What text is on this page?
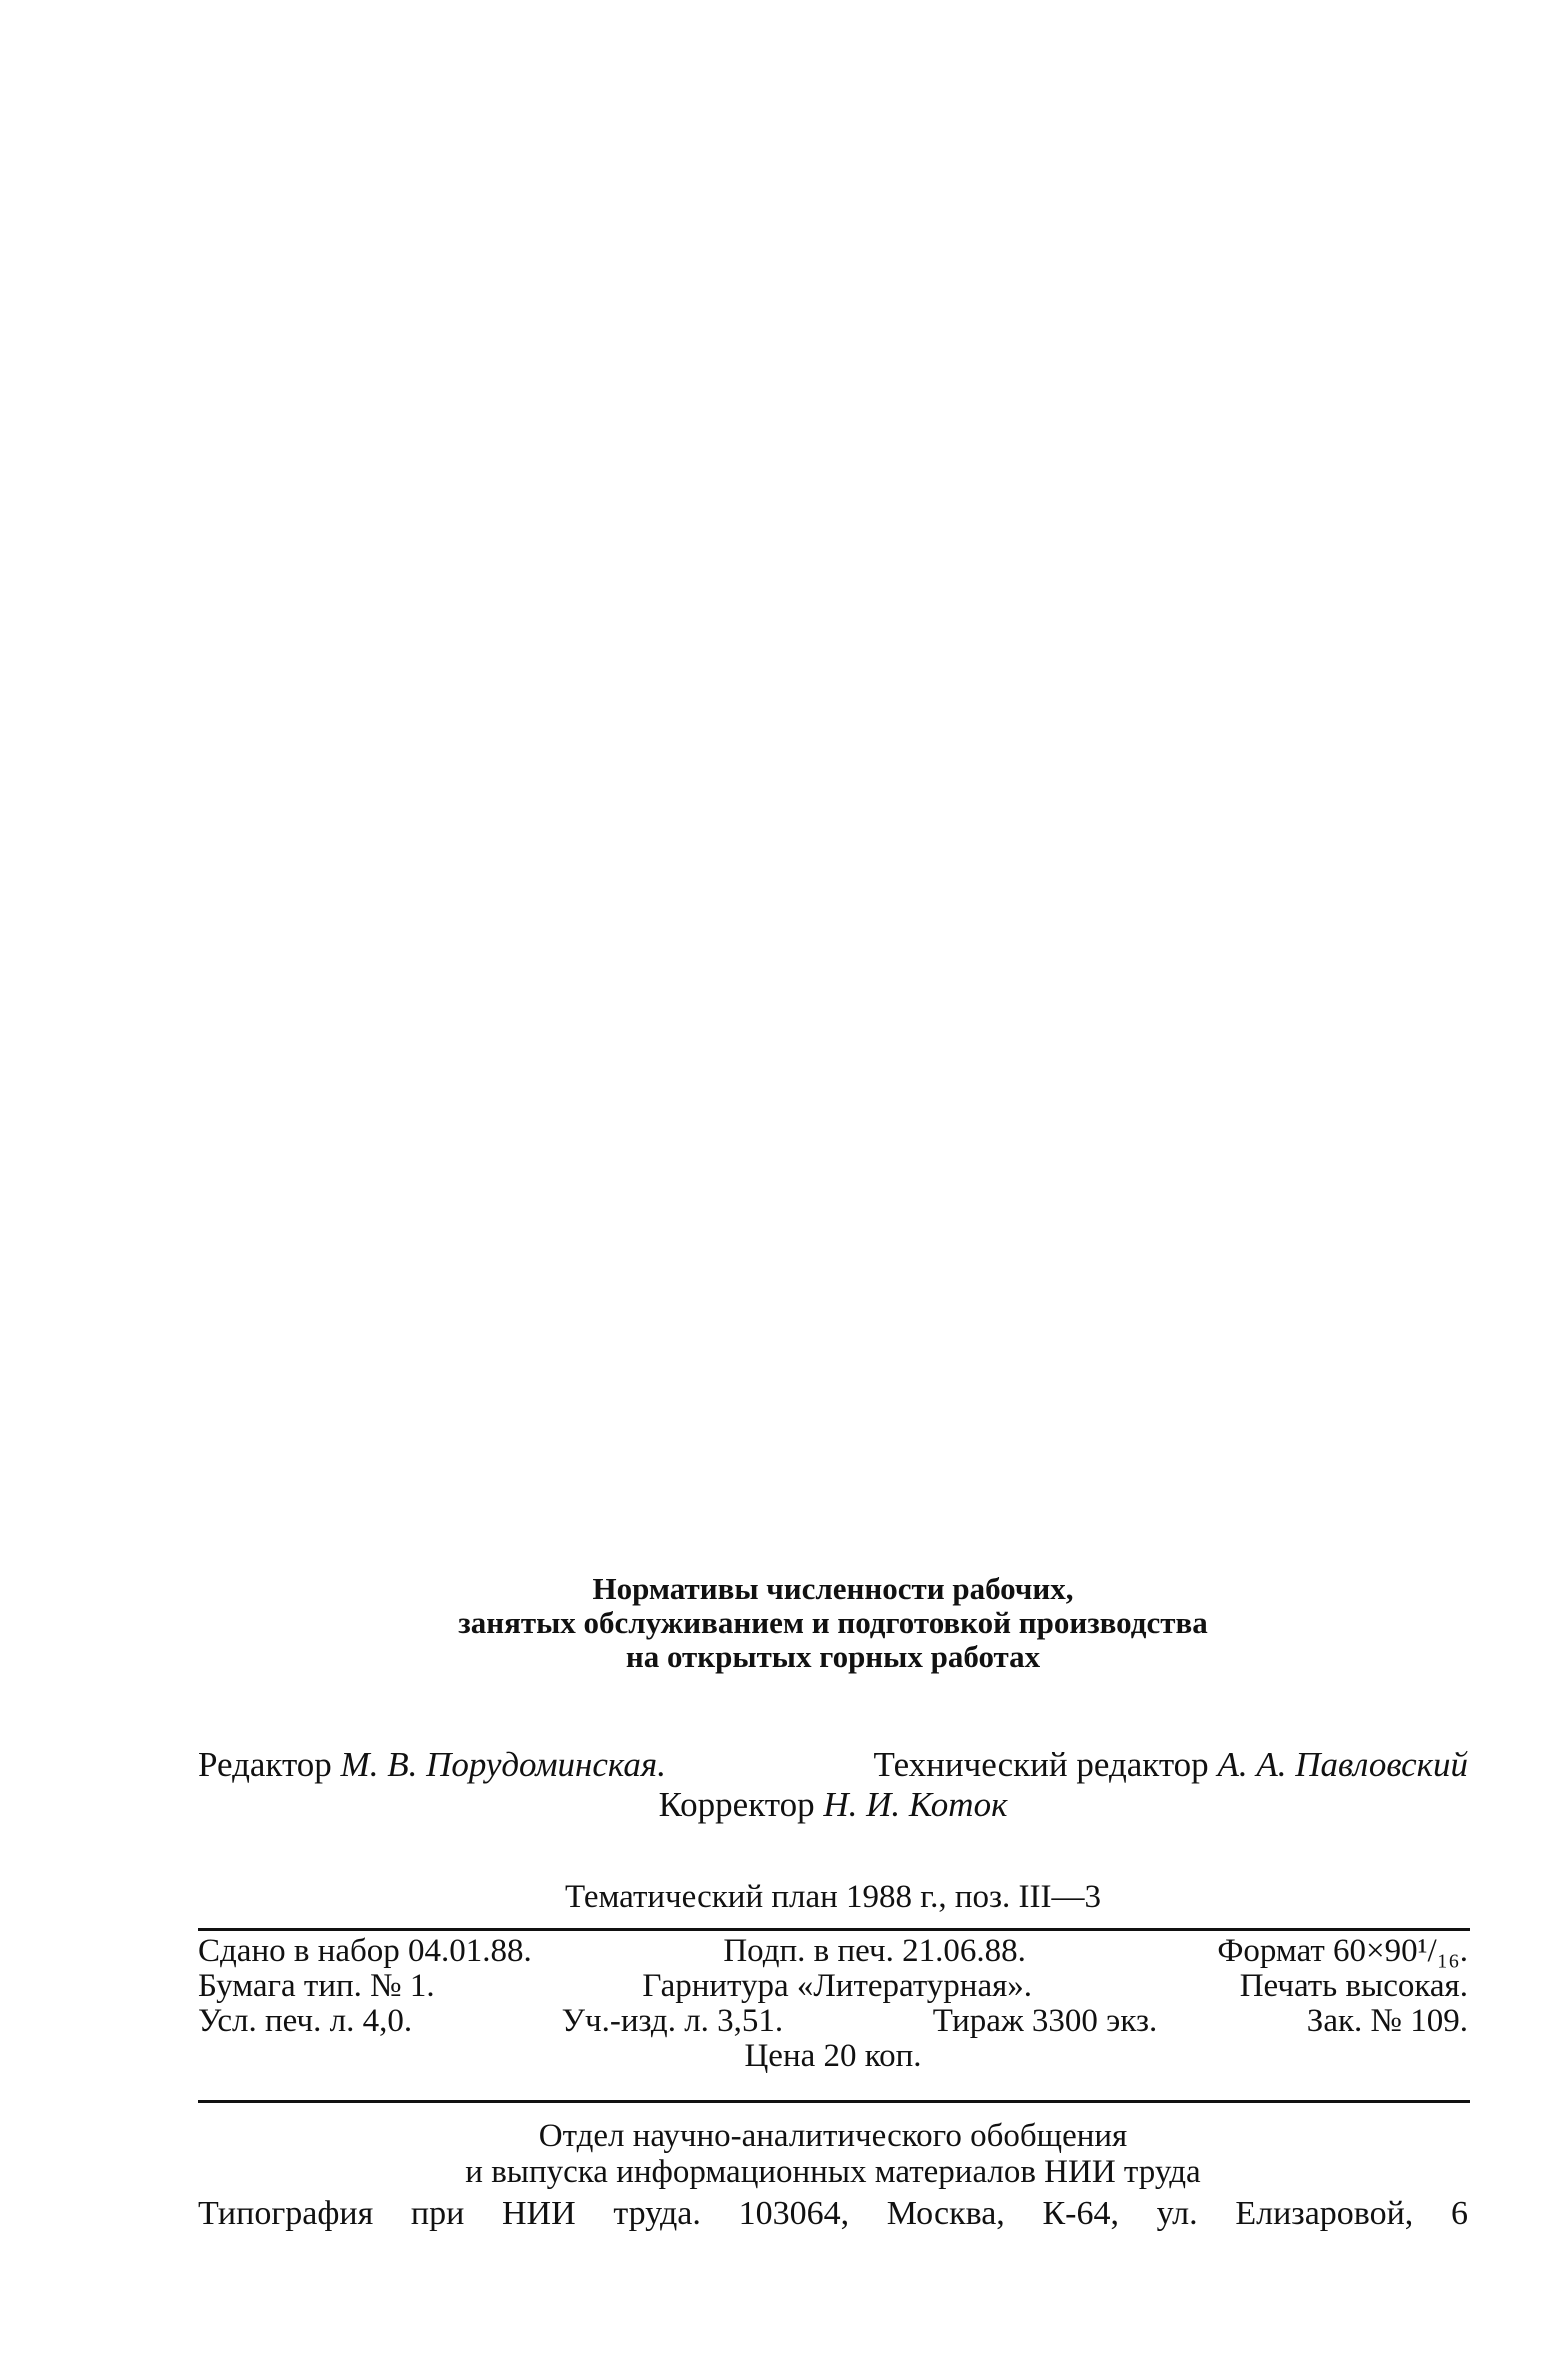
Нормативы численности рабочих,
занятых обслуживанием и подготовкой производства
на открытых горных работах
Редактор М. В. Порудоминская.	Технический редактор А. А. Павловский
Корректор Н. И. Коток
Тематический план 1988 г., поз. III—3
Сдано в набор 04.01.88.	Подп. в печ. 21.06.88.	Формат 60×90¹/₁₆.
Бумага тип. № 1.	Гарнитура «Литературная».	Печать высокая.
Усл. печ. л. 4,0.	Уч.-изд. л. 3,51.	Тираж 3300 экз.	Зак. № 109.
Цена 20 коп.
Отдел научно-аналитического обобщения
и выпуска информационных материалов НИИ труда
Типография при НИИ труда. 103064, Москва, К-64, ул. Елизаровой, 6
